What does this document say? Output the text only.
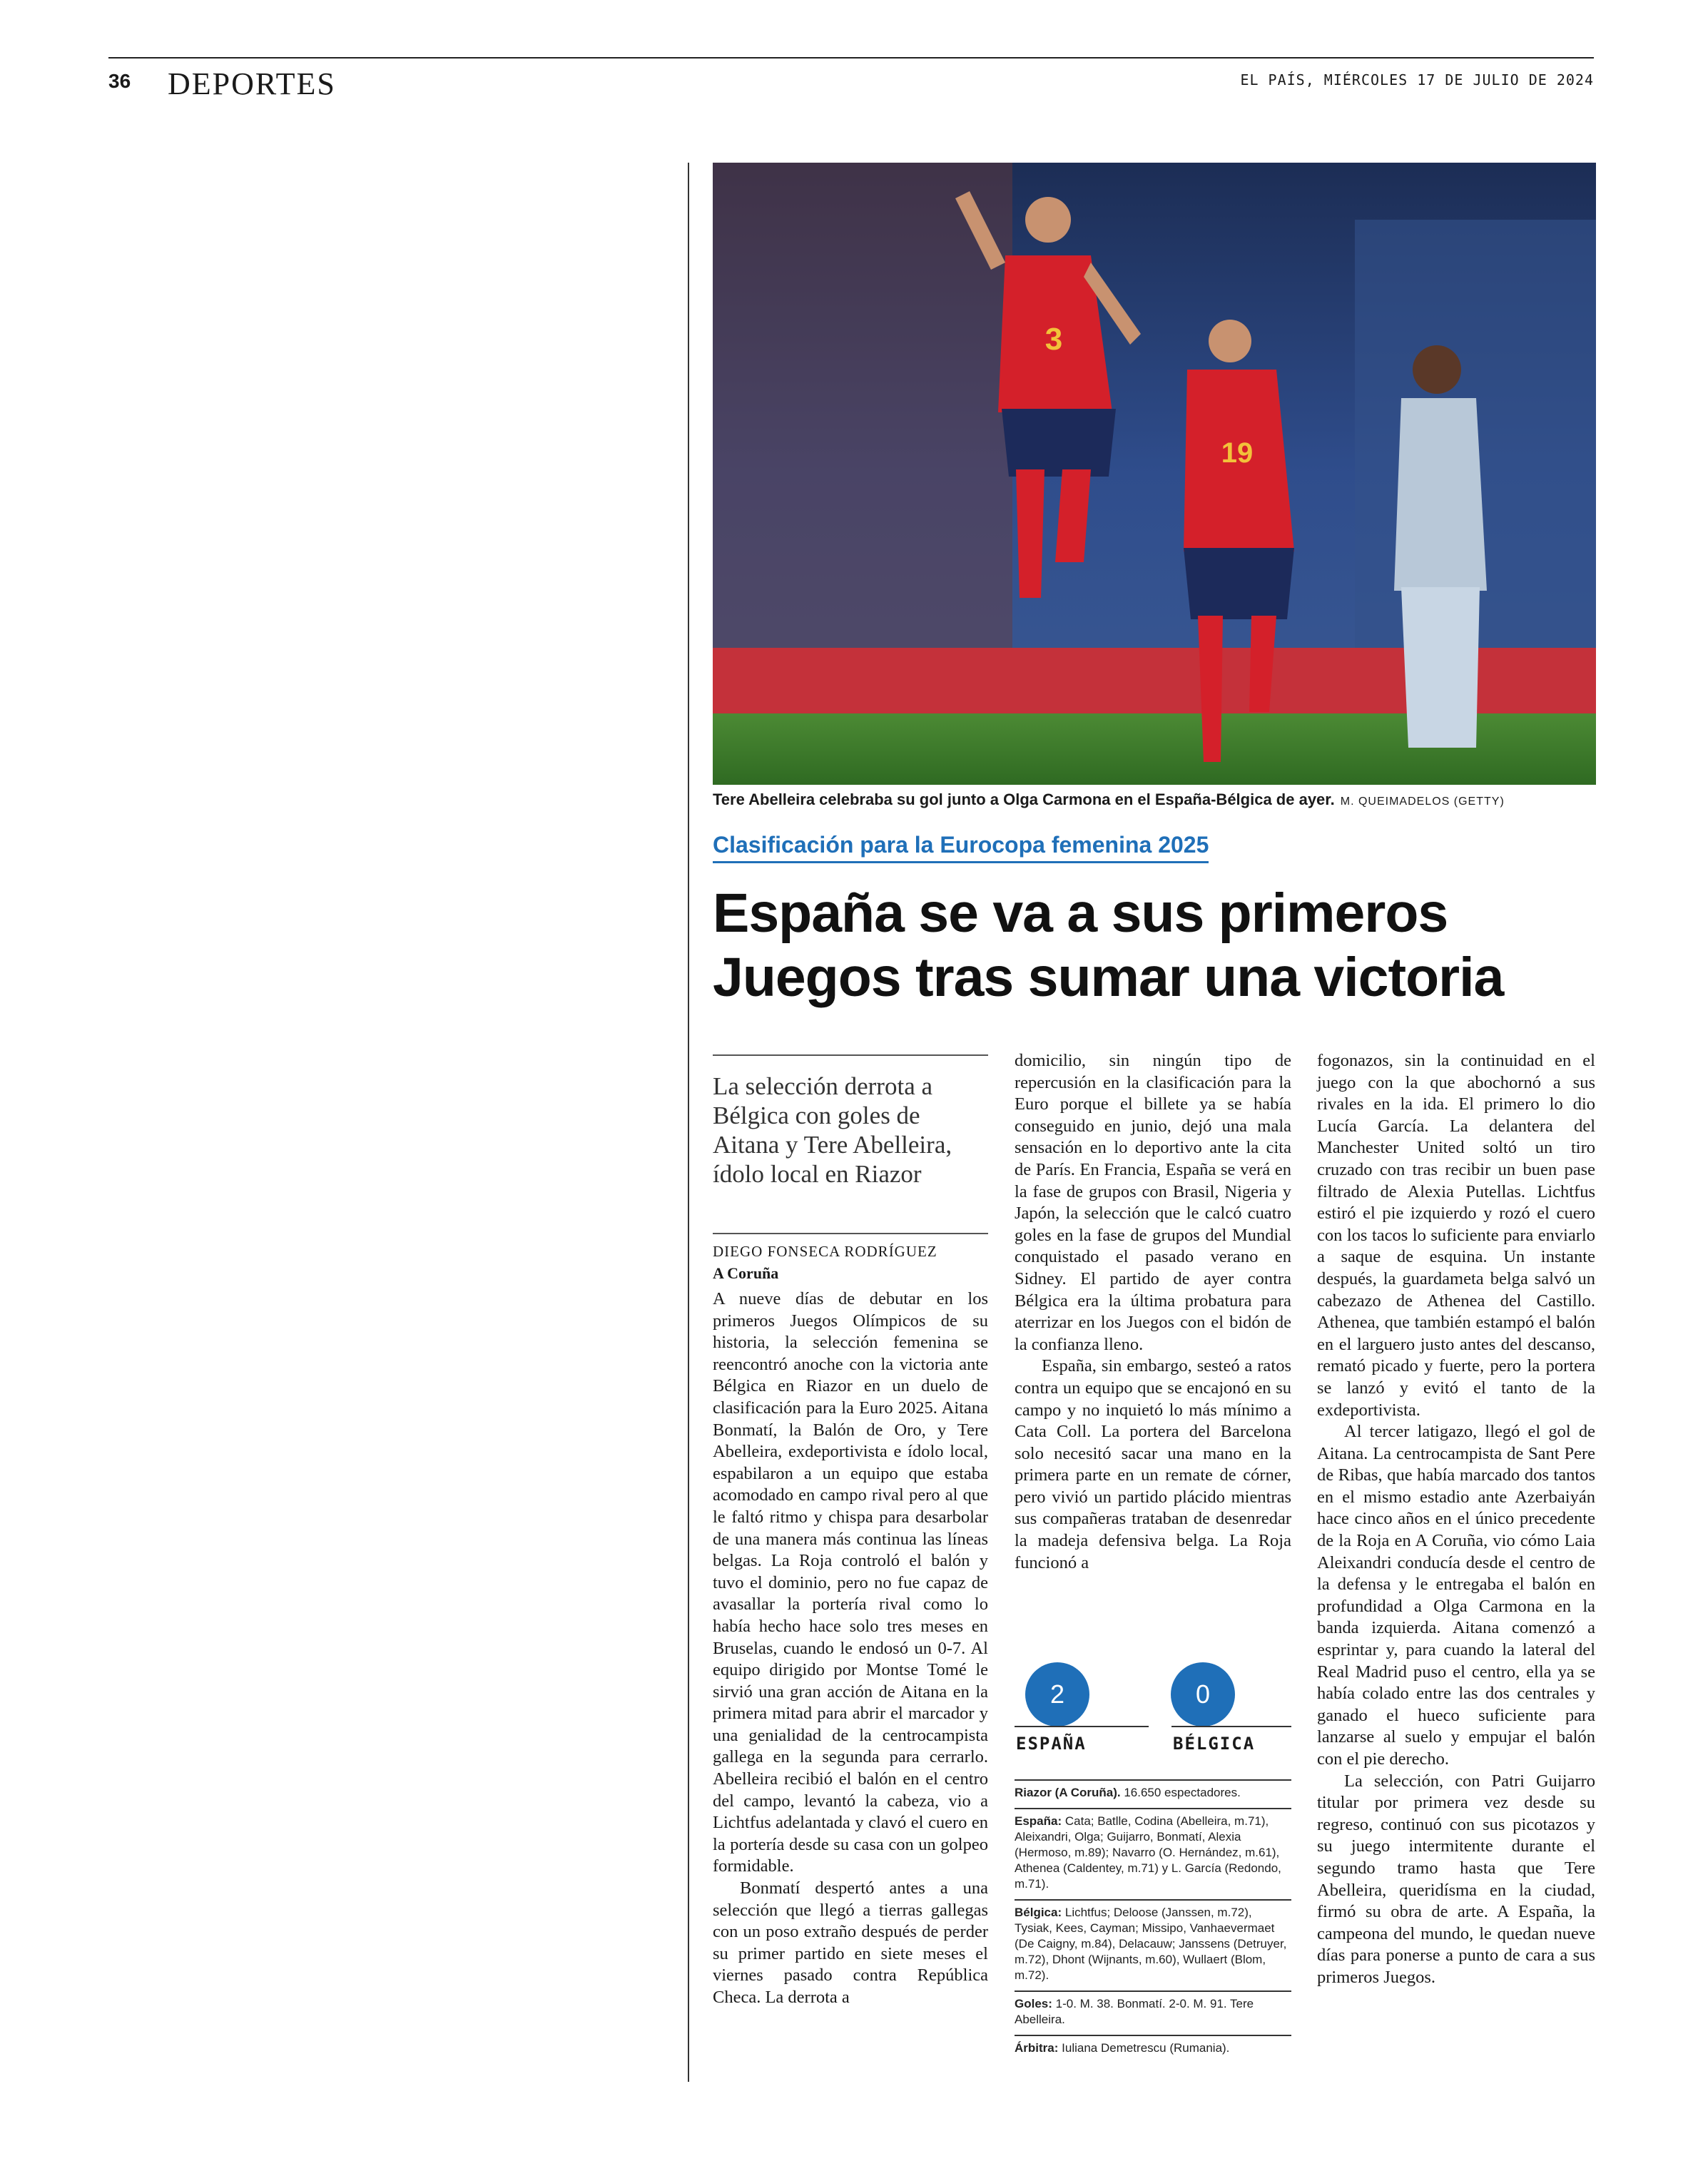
36 DEPORTES	EL PAÍS, MIÉRCOLES 17 DE JULIO DE 2024
3
19
Tere Abelleira celebraba su gol junto a Olga Carmona en el España-Bélgica de ayer. M. QUEIMADELOS (GETTY)
Clasificación para la Eurocopa femenina 2025
España se va a sus primeros
Juegos tras sumar una victoria
La selección derrota a Bélgica con goles de Aitana y Tere Abelleira, ídolo local en Riazor
DIEGO FONSECA RODRÍGUEZ
A Coruña

A nueve días de debutar en los primeros Juegos Olímpicos de su historia, la selección femenina se reencontró anoche con la victoria ante Bélgica en Riazor en un duelo de clasificación para la Euro 2025. Aitana Bonmatí, la Balón de Oro, y Tere Abelleira, exdeportivista e ídolo local, espabilaron a un equipo que estaba acomodado en campo rival pero al que le faltó ritmo y chispa para desarbolar de una manera más continua las líneas belgas. La Roja controló el balón y tuvo el dominio, pero no fue capaz de avasallar la portería rival como lo había hecho hace solo tres meses en Bruselas, cuando le endosó un 0-7. Al equipo dirigido por Montse Tomé le sirvió una gran acción de Aitana en la primera mitad para abrir el marcador y una genialidad de la centrocampista gallega en la segunda para cerrarlo. Abelleira recibió el balón en el centro del campo, levantó la cabeza, vio a Lichtfus adelantada y clavó el cuero en la portería desde su casa con un golpeo formidable.

Bonmatí despertó antes a una selección que llegó a tierras gallegas con un poso extraño después de perder su primer partido en siete meses el viernes pasado contra República Checa. La derrota a

domicilio, sin ningún tipo de repercusión en la clasificación para la Euro porque el billete ya se había conseguido en junio, dejó una mala sensación en lo deportivo ante la cita de París. En Francia, España se verá en la fase de grupos con Brasil, Nigeria y Japón, la selección que le calcó cuatro goles en la fase de grupos del Mundial conquistado el pasado verano en Sidney. El partido de ayer contra Bélgica era la última probatura para aterrizar en los Juegos con el bidón de la confianza lleno.

España, sin embargo, sesteó a ratos contra un equipo que se encajonó en su campo y no inquietó lo más mínimo a Cata Coll. La portera del Barcelona solo necesitó sacar una mano en la primera parte en un remate de córner, pero vivió un partido plácido mientras sus compañeras trataban de desenredar la madeja defensiva belga. La Roja funcionó a

2	0
ESPAÑA	BÉLGICA
Riazor (A Coruña). 16.650 espectadores.
España: Cata; Batlle, Codina (Abelleira, m.71), Aleixandri, Olga; Guijarro, Bonmatí, Alexia (Hermoso, m.89); Navarro (O. Hernández, m.61), Athenea (Caldentey, m.71) y L. García (Redondo, m.71).
Bélgica: Lichtfus; Deloose (Janssen, m.72), Tysiak, Kees, Cayman; Missipo, Vanhaevermaet (De Caigny, m.84), Delacauw; Janssens (Detruyer, m.72), Dhont (Wijnants, m.60), Wullaert (Blom, m.72).
Goles: 1-0. M. 38. Bonmatí. 2-0. M. 91. Tere Abelleira.
Árbitra: Iuliana Demetrescu (Rumania).

fogonazos, sin la continuidad en el juego con la que abochornó a sus rivales en la ida. El primero lo dio Lucía García. La delantera del Manchester United soltó un tiro cruzado con tras recibir un buen pase filtrado de Alexia Putellas. Lichtfus estiró el pie izquierdo y rozó el cuero con los tacos lo suficiente para enviarlo a saque de esquina. Un instante después, la guardameta belga salvó un cabezazo de Athenea del Castillo. Athenea, que también estampó el balón en el larguero justo antes del descanso, remató picado y fuerte, pero la portera se lanzó y evitó el tanto de la exdeportivista.

Al tercer latigazo, llegó el gol de Aitana. La centrocampista de Sant Pere de Ribas, que había marcado dos tantos en el mismo estadio ante Azerbaiyán hace cinco años en el único precedente de la Roja en A Coruña, vio cómo Laia Aleixandri conducía desde el centro de la defensa y le entregaba el balón en profundidad a Olga Carmona en la banda izquierda. Aitana comenzó a esprintar y, para cuando la lateral del Real Madrid puso el centro, ella ya se había colado entre las dos centrales y ganado el hueco suficiente para lanzarse al suelo y empujar el balón con el pie derecho.

La selección, con Patri Guijarro titular por primera vez desde su regreso, continuó con sus picotazos y su juego intermitente durante el segundo tramo hasta que Tere Abelleira, queridísma en la ciudad, firmó su obra de arte. A España, la campeona del mundo, le quedan nueve días para ponerse a punto de cara a sus primeros Juegos.
